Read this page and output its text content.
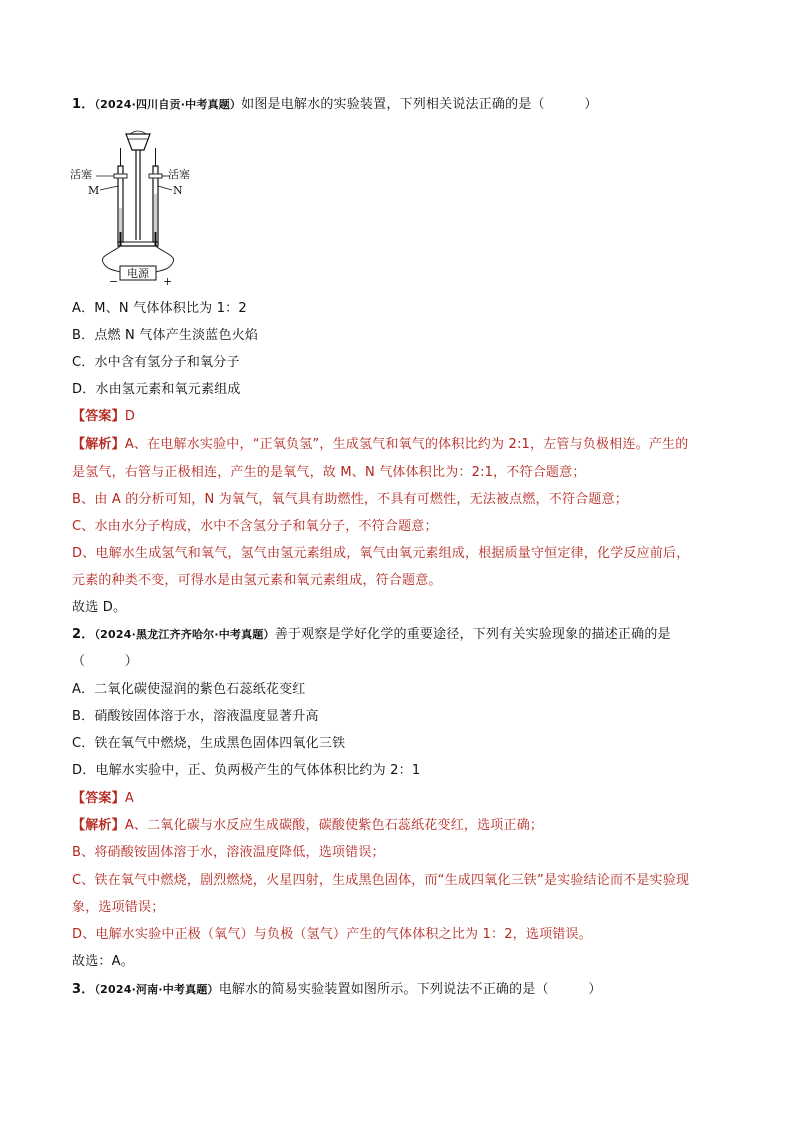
1．（2024·四川自贡·中考真题）如图是电解水的实验装置，下列相关说法正确的是（　　　）
电源
−	+
活塞	活塞
M	N
A．M、N 气体体积比为 1：2
B．点燃 N 气体产生淡蓝色火焰
C．水中含有氢分子和氧分子
D．水由氢元素和氧元素组成
【答案】D
【解析】A、在电解水实验中，“正氧负氢”，生成氢气和氧气的体积比约为 2:1，左管与负极相连。产生的
是氢气，右管与正极相连，产生的是氧气，故 M、N 气体体积比为：2:1，不符合题意；
B、由 A 的分析可知，N 为氧气，氧气具有助燃性，不具有可燃性，无法被点燃，不符合题意；
C、水由水分子构成，水中不含氢分子和氧分子，不符合题意；
D、电解水生成氢气和氧气，氢气由氢元素组成，氧气由氧元素组成，根据质量守恒定律，化学反应前后，
元素的种类不变，可得水是由氢元素和氧元素组成，符合题意。
故选 D。
2．（2024·黑龙江齐齐哈尔·中考真题）善于观察是学好化学的重要途径，下列有关实验现象的描述正确的是
（　　　）
A．二氧化碳使湿润的紫色石蕊纸花变红
B．硝酸铵固体溶于水，溶液温度显著升高
C．铁在氧气中燃烧，生成黑色固体四氧化三铁
D．电解水实验中，正、负两极产生的气体体积比约为 2：1
【答案】A
【解析】A、二氧化碳与水反应生成碳酸，碳酸使紫色石蕊纸花变红，选项正确；
B、将硝酸铵固体溶于水，溶液温度降低，选项错误；
C、铁在氧气中燃烧，剧烈燃烧，火星四射，生成黑色固体，而“生成四氧化三铁”是实验结论而不是实验现
象，选项错误；
D、电解水实验中正极（氧气）与负极（氢气）产生的气体体积之比为 1：2，选项错误。
故选：A。
3．（2024·河南·中考真题）电解水的简易实验装置如图所示。下列说法不正确的是（　　　）
